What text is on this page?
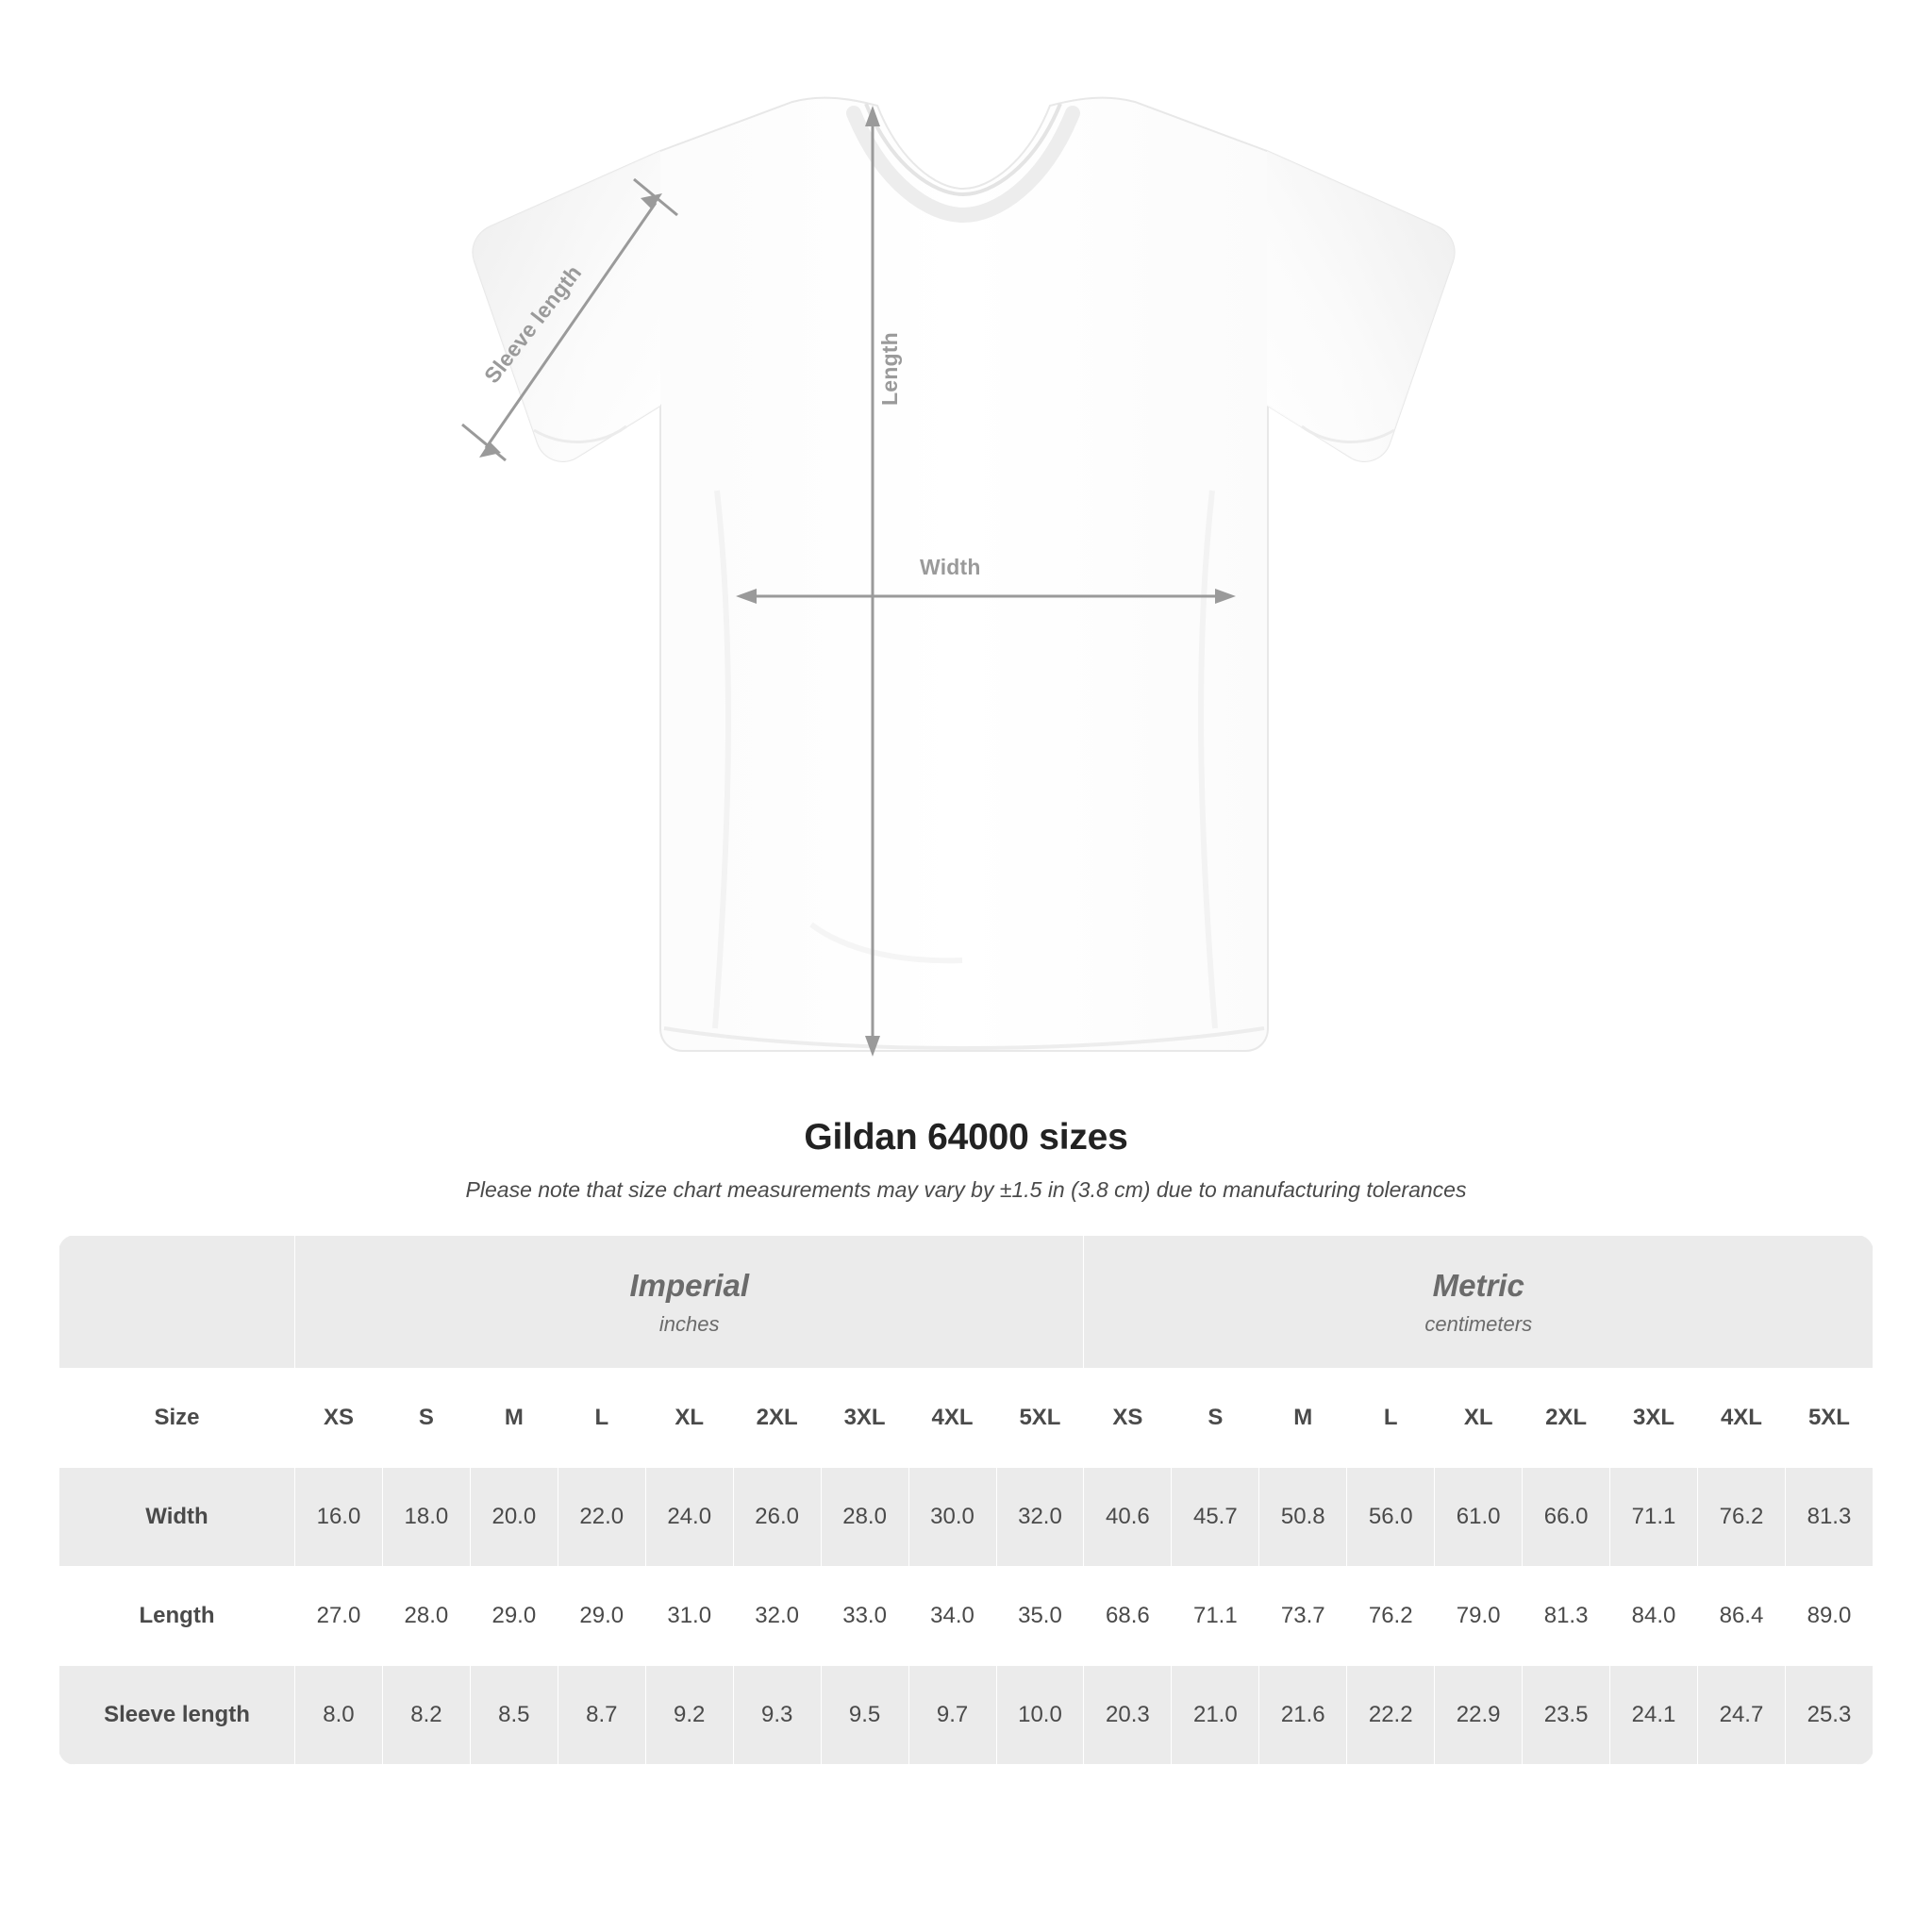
Length
Width
Sleeve length
Gildan 64000 sizes
Please note that size chart measurements may vary by ±1.5 in (3.8 cm) due to manufacturing tolerances

Imperial
inches

Metric
centimeters

Size	XS	S	M	L	XL	2XL	3XL	4XL	5XL	XS	S	M	L	XL	2XL	3XL	4XL	5XL
Width	16.0	18.0	20.0	22.0	24.0	26.0	28.0	30.0	32.0	40.6	45.7	50.8	56.0	61.0	66.0	71.1	76.2	81.3
Length	27.0	28.0	29.0	29.0	31.0	32.0	33.0	34.0	35.0	68.6	71.1	73.7	76.2	79.0	81.3	84.0	86.4	89.0
Sleeve length	8.0	8.2	8.5	8.7	9.2	9.3	9.5	9.7	10.0	20.3	21.0	21.6	22.2	22.9	23.5	24.1	24.7	25.3
